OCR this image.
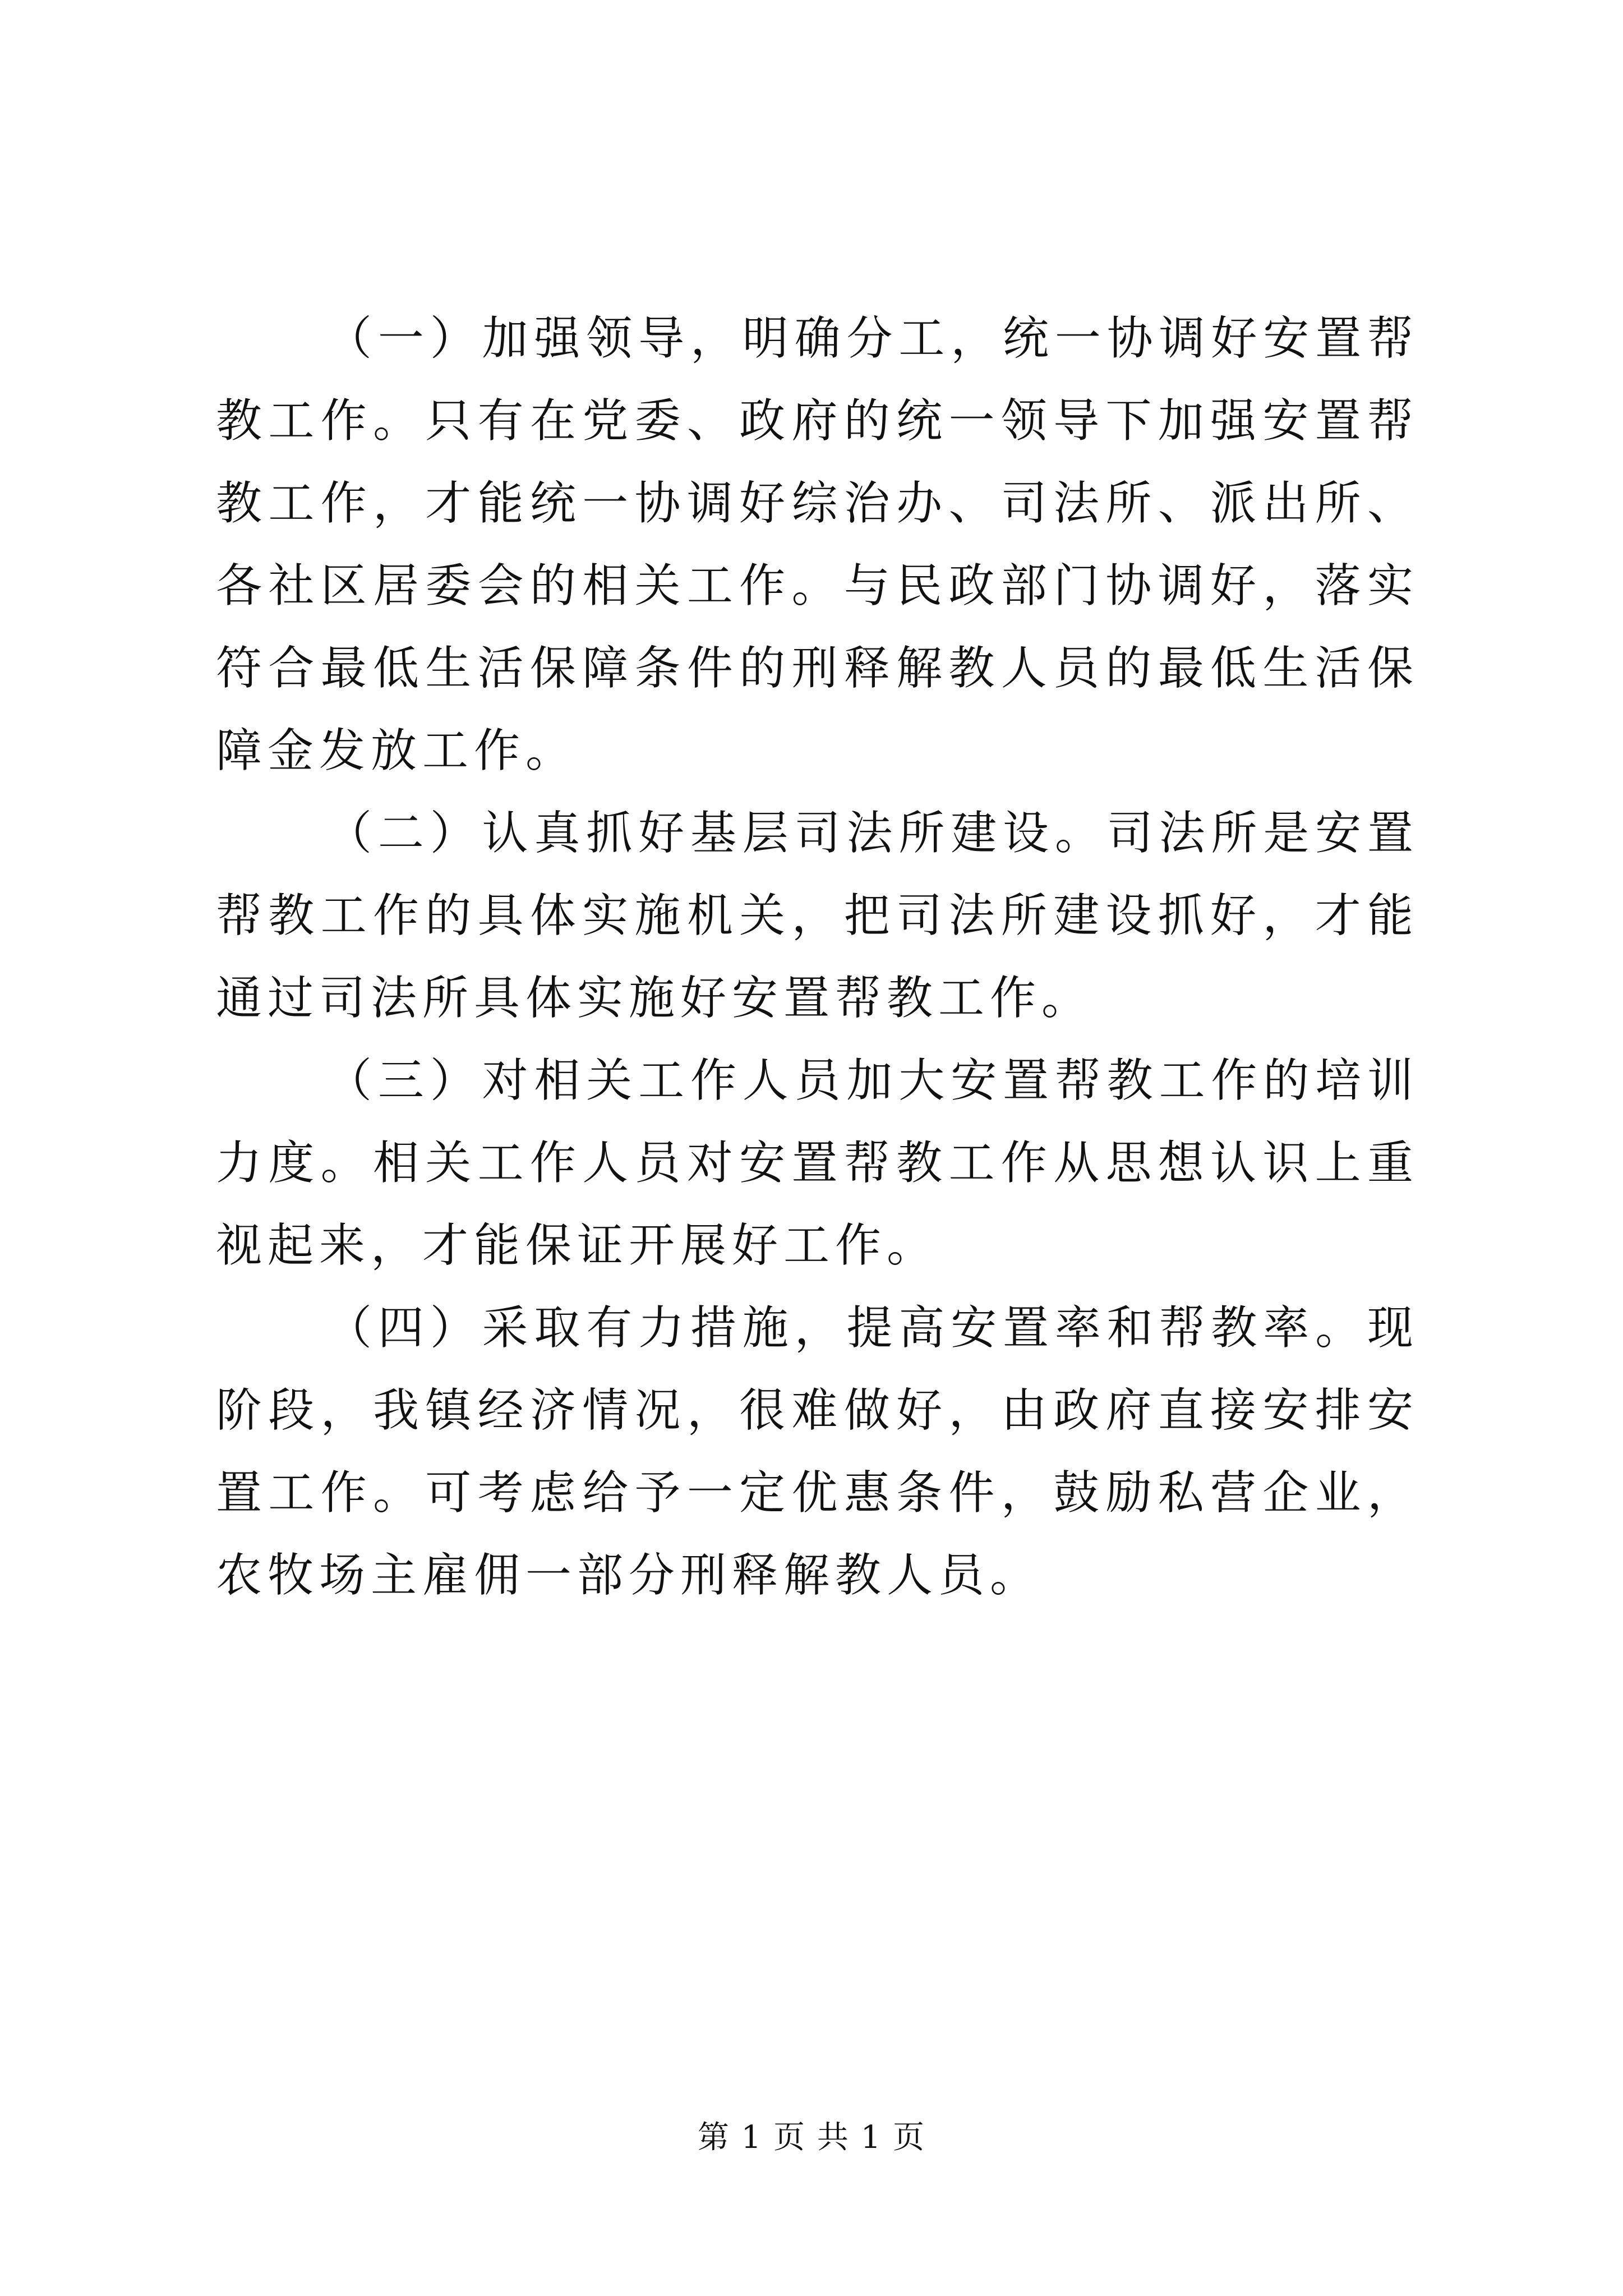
（一）加强领导，明确分工，统一协调好安置帮教工作。只有在党委、政府的统一领导下加强安置帮教工作，才能统一协调好综治办、司法所、派出所、各社区居委会的相关工作。与民政部门协调好，落实符合最低生活保障条件的刑释解教人员的最低生活保障金发放工作。

（二）认真抓好基层司法所建设。司法所是安置帮教工作的具体实施机关，把司法所建设抓好，才能通过司法所具体实施好安置帮教工作。

（三）对相关工作人员加大安置帮教工作的培训力度。相关工作人员对安置帮教工作从思想认识上重视起来，才能保证开展好工作。

（四）采取有力措施，提高安置率和帮教率。现阶段，我镇经济情况，很难做好，由政府直接安排安置工作。可考虑给予一定优惠条件，鼓励私营企业，农牧场主雇佣一部分刑释解教人员。

第 1 页 共 1 页
